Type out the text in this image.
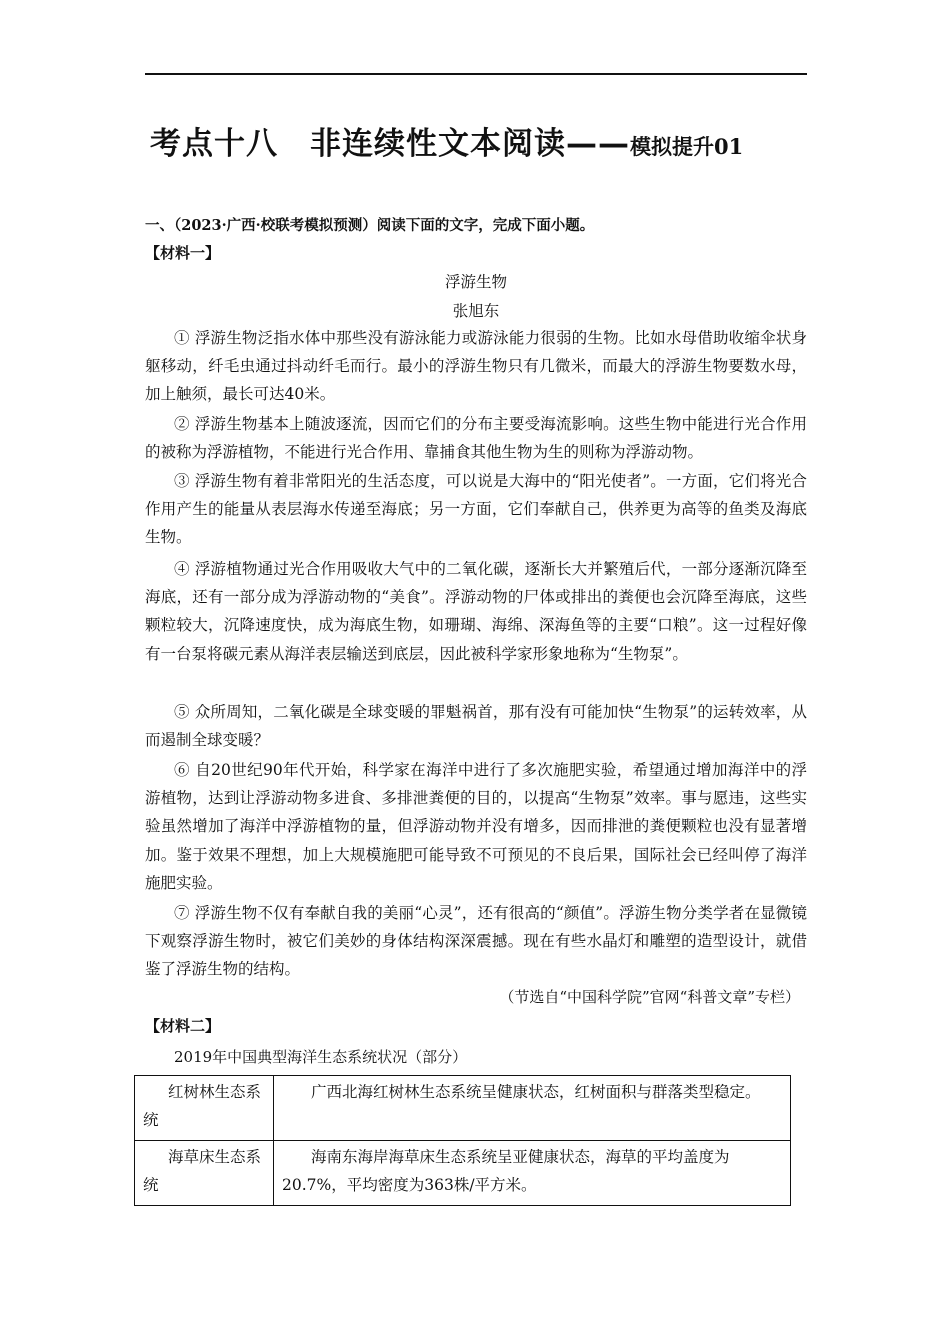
考点十八　非连续性文本阅读——模拟提升01
一、（2023·广西·校联考模拟预测）阅读下面的文字，完成下面小题。
【材料一】
浮游生物
张旭东
① 浮游生物泛指水体中那些没有游泳能力或游泳能力很弱的生物。比如水母借助收缩伞状身躯移动，纤毛虫通过抖动纤毛而行。最小的浮游生物只有几微米，而最大的浮游生物要数水母，加上触须，最长可达40米。
② 浮游生物基本上随波逐流，因而它们的分布主要受海流影响。这些生物中能进行光合作用的被称为浮游植物，不能进行光合作用、靠捕食其他生物为生的则称为浮游动物。
③ 浮游生物有着非常阳光的生活态度，可以说是大海中的“阳光使者”。一方面，它们将光合作用产生的能量从表层海水传递至海底；另一方面，它们奉献自己，供养更为高等的鱼类及海底生物。
④ 浮游植物通过光合作用吸收大气中的二氧化碳，逐渐长大并繁殖后代，一部分逐渐沉降至海底，还有一部分成为浮游动物的“美食”。浮游动物的尸体或排出的粪便也会沉降至海底，这些颗粒较大，沉降速度快，成为海底生物，如珊瑚、海绵、深海鱼等的主要“口粮”。这一过程好像有一台泵将碳元素从海洋表层输送到底层，因此被科学家形象地称为“生物泵”。
⑤ 众所周知，二氧化碳是全球变暖的罪魁祸首，那有没有可能加快“生物泵”的运转效率，从而遏制全球变暖？
⑥ 自20世纪90年代开始，科学家在海洋中进行了多次施肥实验，希望通过增加海洋中的浮游植物，达到让浮游动物多进食、多排泄粪便的目的，以提高“生物泵”效率。事与愿违，这些实验虽然增加了海洋中浮游植物的量，但浮游动物并没有增多，因而排泄的粪便颗粒也没有显著增加。鉴于效果不理想，加上大规模施肥可能导致不可预见的不良后果，国际社会已经叫停了海洋施肥实验。
⑦ 浮游生物不仅有奉献自我的美丽“心灵”，还有很高的“颜值”。浮游生物分类学者在显微镜下观察浮游生物时，被它们美妙的身体结构深深震撼。现在有些水晶灯和雕塑的造型设计，就借鉴了浮游生物的结构。
（节选自“中国科学院”官网“科普文章”专栏）
【材料二】
2019年中国典型海洋生态系统状况（部分）
红树林生态系统	广西北海红树林生态系统呈健康状态，红树面积与群落类型稳定。

海草床生态系统	海南东海岸海草床生态系统呈亚健康状态，海草的平均盖度为20.7%，平均密度为363株/平方米。
